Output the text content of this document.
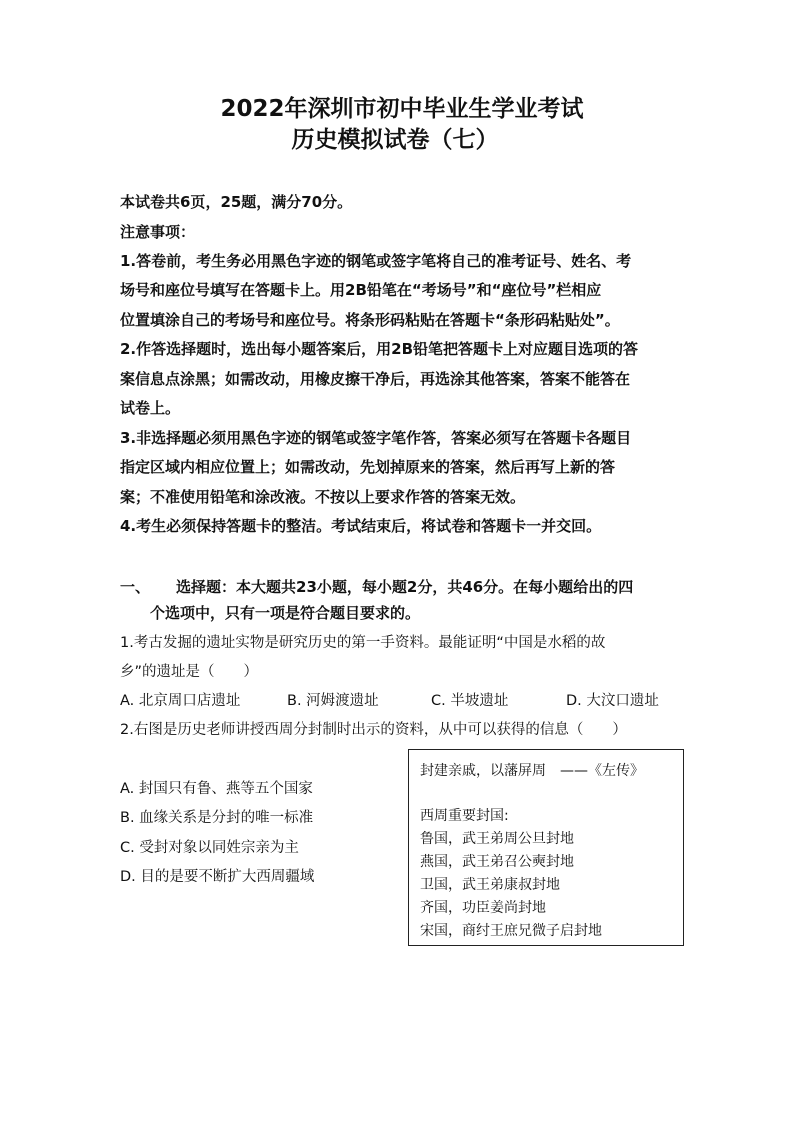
2022年深圳市初中毕业生学业考试
历史模拟试卷（七）
本试卷共6页，25题，满分70分。
注意事项：
1.答卷前，考生务必用黑色字迹的钢笔或签字笔将自己的准考证号、姓名、考
场号和座位号填写在答题卡上。用2B铅笔在“考场号”和“座位号”栏相应
位置填涂自己的考场号和座位号。将条形码粘贴在答题卡“条形码粘贴处”。
2.作答选择题时，选出每小题答案后，用2B铅笔把答题卡上对应题目选项的答
案信息点涂黑；如需改动，用橡皮擦干净后，再选涂其他答案，答案不能答在
试卷上。
3.非选择题必须用黑色字迹的钢笔或签字笔作答，答案必须写在答题卡各题目
指定区域内相应位置上；如需改动，先划掉原来的答案，然后再写上新的答
案；不准使用铅笔和涂改液。不按以上要求作答的答案无效。
4.考生必须保持答题卡的整洁。考试结束后，将试卷和答题卡一并交回。
一、 选择题：本大题共23小题，每小题2分，共46分。在每小题给出的四
个选项中，只有一项是符合题目要求的。
1.考古发掘的遗址实物是研究历史的第一手资料。最能证明“中国是水稻的故
乡”的遗址是（　　）
A. 北京周口店遗址	B. 河姆渡遗址	C. 半坡遗址	D. 大汶口遗址
2.右图是历史老师讲授西周分封制时出示的资料，从中可以获得的信息（　　）
A. 封国只有鲁、燕等五个国家
B. 血缘关系是分封的唯一标准
C. 受封对象以同姓宗亲为主
D. 目的是要不断扩大西周疆域
封建亲戚，以藩屏周　——《左传》
西周重要封国:
鲁国，武王弟周公旦封地
燕国，武王弟召公奭封地
卫国，武王弟康叔封地
齐国，功臣姜尚封地
宋国，商纣王庶兄微子启封地
